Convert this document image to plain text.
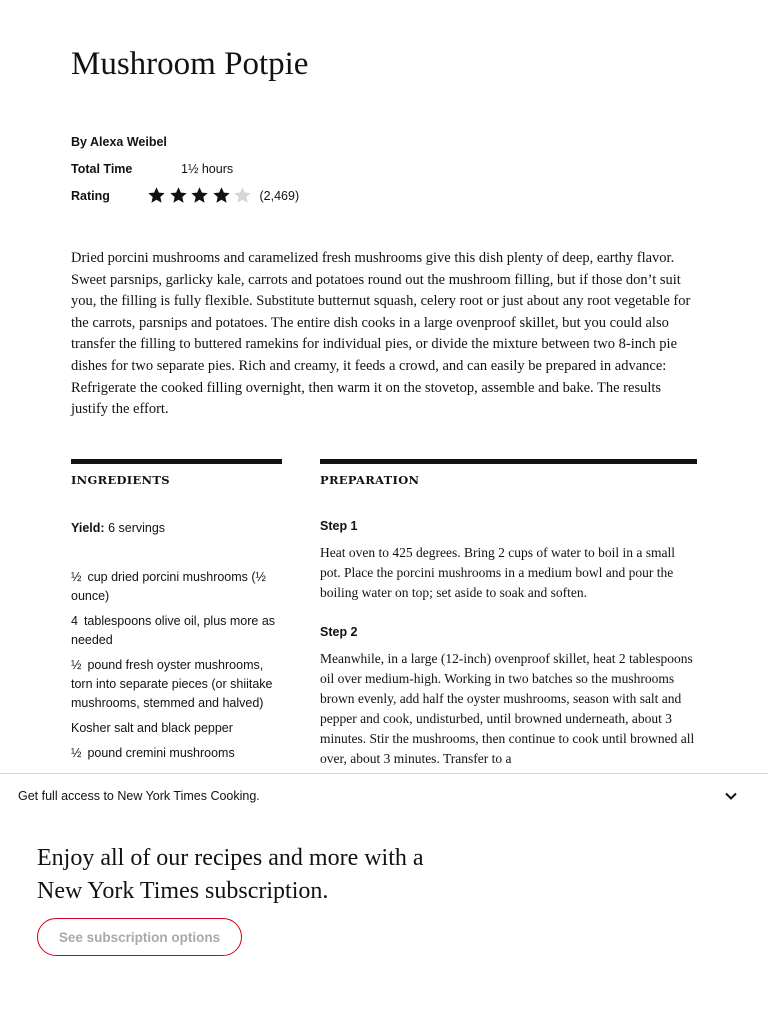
Mushroom Potpie
By Alexa Weibel
Total Time	1½ hours
Rating	(2,469)

Dried porcini mushrooms and caramelized fresh mushrooms give this dish plenty of deep, earthy flavor. Sweet parsnips, garlicky kale, carrots and potatoes round out the mushroom filling, but if those don’t suit you, the filling is fully flexible. Substitute butternut squash, celery root or just about any root vegetable for the carrots, parsnips and potatoes. The entire dish cooks in a large ovenproof skillet, but you could also transfer the filling to buttered ramekins for individual pies, or divide the mixture between two 8-inch pie dishes for two separate pies. Rich and creamy, it feeds a crowd, and can easily be prepared in advance: Refrigerate the cooked filling overnight, then warm it on the stovetop, assemble and bake. The results justify the effort.

INGREDIENTS
Yield: 6 servings
½ cup dried porcini mushrooms (½ ounce)
4 tablespoons olive oil, plus more as needed
½ pound fresh oyster mushrooms, torn into separate pieces (or shiitake mushrooms, stemmed and halved)
Kosher salt and black pepper
½ pound cremini mushrooms
PREPARATION
Step 1

Heat oven to 425 degrees. Bring 2 cups of water to boil in a small pot. Place the porcini mushrooms in a medium bowl and pour the boiling water on top; set aside to soak and soften.

Step 2

Meanwhile, in a large (12-inch) ovenproof skillet, heat 2 tablespoons oil over medium-high. Working in two batches so the mushrooms brown evenly, add half the oyster mushrooms, season with salt and pepper and cook, undisturbed, until browned underneath, about 3 minutes. Stir the mushrooms, then continue to cook until browned all over, about 3 minutes. Transfer to a

Get full access to New York Times Cooking.
Enjoy all of our recipes and more with a New York Times subscription.
See subscription options
